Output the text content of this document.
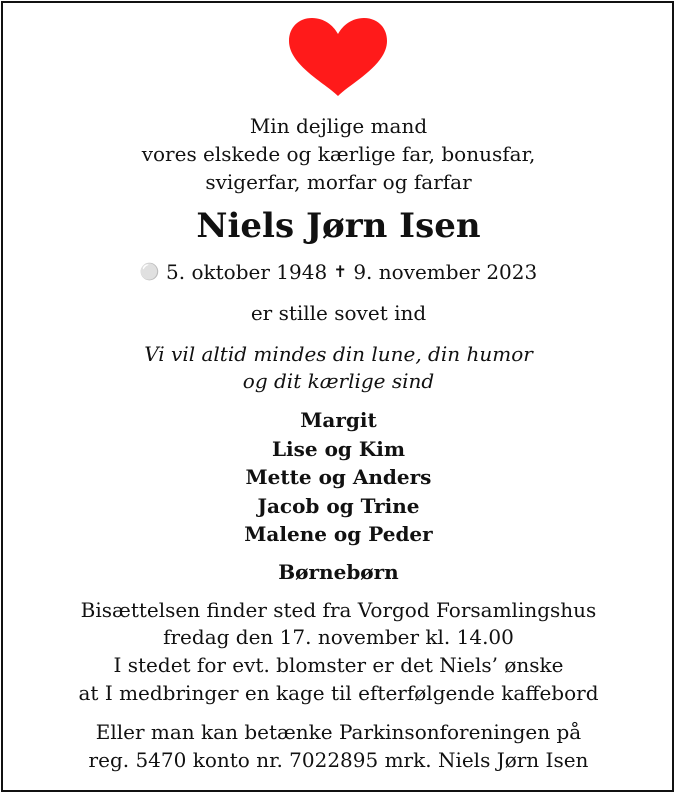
Min dejlige mand
vores elskede og kærlige far, bonusfar,
svigerfar, morfar og farfar
Niels Jørn Isen
⚪ 5. oktober 1948 ✝ 9. november 2023
er stille sovet ind
Vi vil altid mindes din lune, din humor
og dit kærlige sind
Margit
Lise og Kim
Mette og Anders
Jacob og Trine
Malene og Peder
Børnebørn
Bisættelsen finder sted fra Vorgod Forsamlingshus
fredag den 17. november kl. 14.00
I stedet for evt. blomster er det Niels’ ønske
at I medbringer en kage til efterfølgende kaffebord
Eller man kan betænke Parkinsonforeningen på
reg. 5470 konto nr. 7022895 mrk. Niels Jørn Isen
